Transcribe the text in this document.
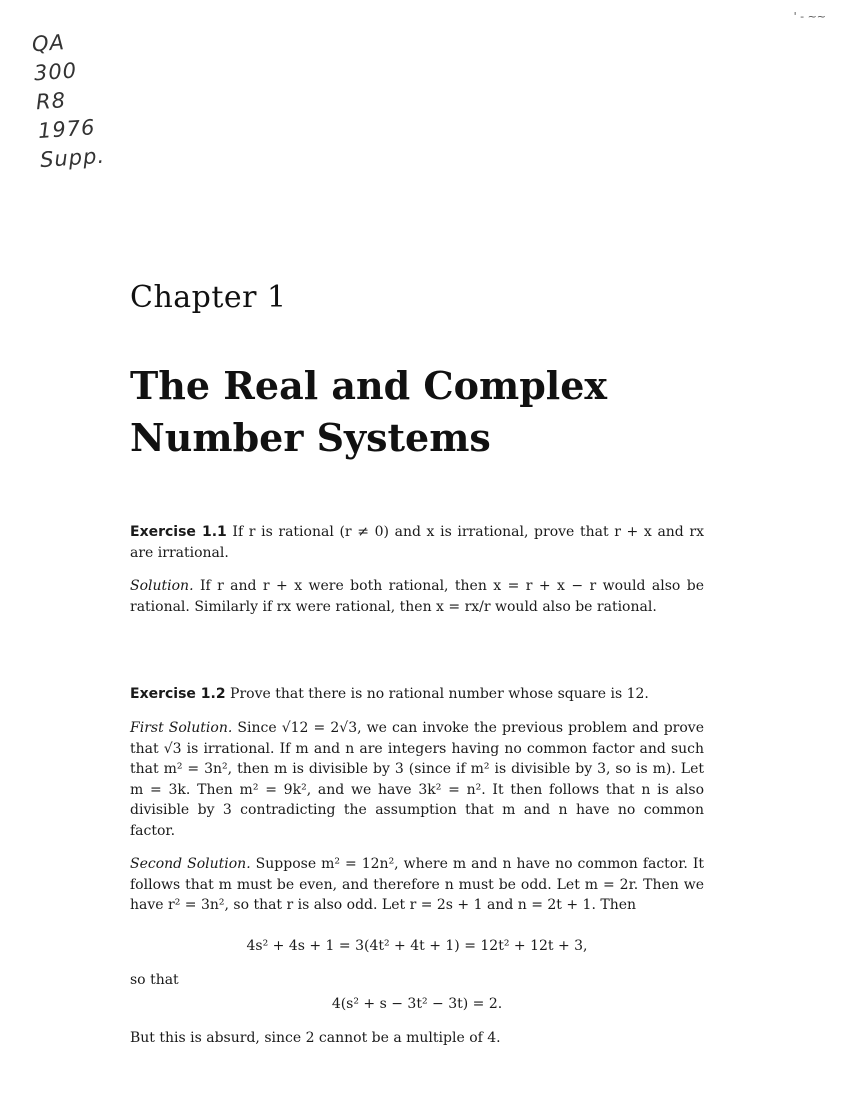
QA
300
R8
1976
Supp.
' - ~~
Chapter 1
The Real and Complex
Number Systems
Exercise 1.1 If r is rational (r ≠ 0) and x is irrational, prove that r + x and rx are irrational.
Solution. If r and r + x were both rational, then x = r + x − r would also be rational. Similarly if rx were rational, then x = rx/r would also be rational.
Exercise 1.2 Prove that there is no rational number whose square is 12.
First Solution. Since √12 = 2√3, we can invoke the previous problem and prove that √3 is irrational. If m and n are integers having no common factor and such that m² = 3n², then m is divisible by 3 (since if m² is divisible by 3, so is m). Let m = 3k. Then m² = 9k², and we have 3k² = n². It then follows that n is also divisible by 3 contradicting the assumption that m and n have no common factor.
Second Solution. Suppose m² = 12n², where m and n have no common factor. It follows that m must be even, and therefore n must be odd. Let m = 2r. Then we have r² = 3n², so that r is also odd. Let r = 2s + 1 and n = 2t + 1. Then
4s² + 4s + 1 = 3(4t² + 4t + 1) = 12t² + 12t + 3,
so that
4(s² + s − 3t² − 3t) = 2.
But this is absurd, since 2 cannot be a multiple of 4.
